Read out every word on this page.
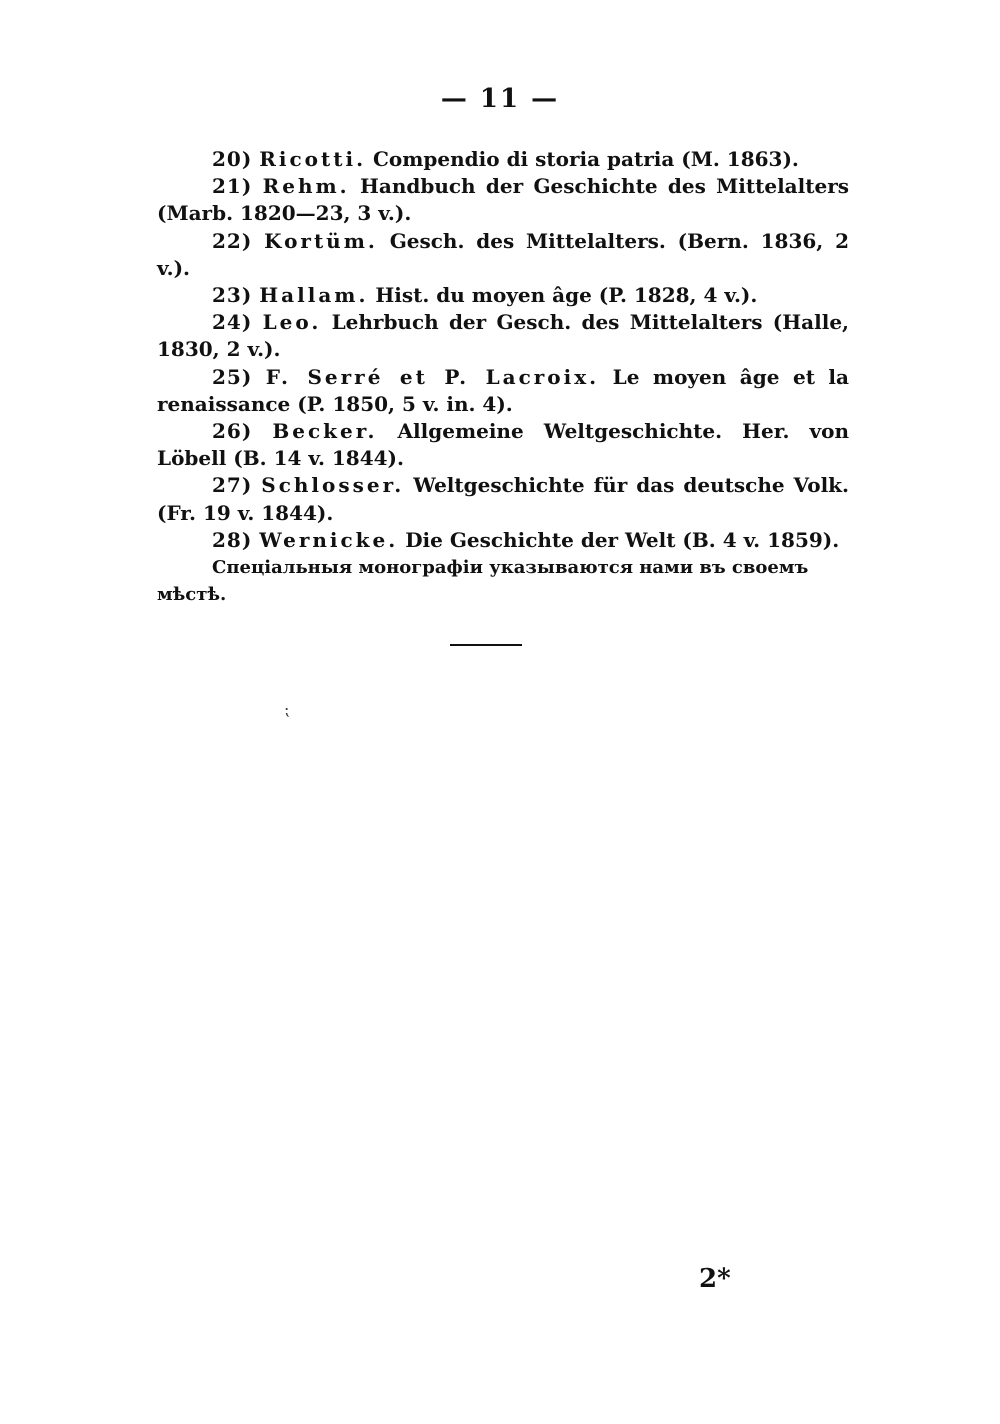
— 11 —

20) Ricotti. Compendio di storia patria (M. 1863).

21) Rehm. Handbuch der Geschichte des Mittelalters (Marb. 1820—23, 3 v.).

22) Kortüm. Gesch. des Mittelalters. (Bern. 1836, 2 v.).

23) Hallam. Hist. du moyen âge (P. 1828, 4 v.).

24) Leo. Lehrbuch der Gesch. des Mittelalters (Halle, 1830, 2 v.).

25) F. Serré et P. Lacroix. Le moyen âge et la renaissance (P. 1850, 5 v. in. 4).

26) Becker. Allgemeine Weltgeschichte. Her. von Löbell (B. 14 v. 1844).

27) Schlosser. Weltgeschichte für das deutsche Volk. (Fr. 19 v. 1844).

28) Wernicke. Die Geschichte der Welt (B. 4 v. 1859).

Спеціальныя монографіи указываются нами въ своемъ мѣстѣ.

⁏
2*
